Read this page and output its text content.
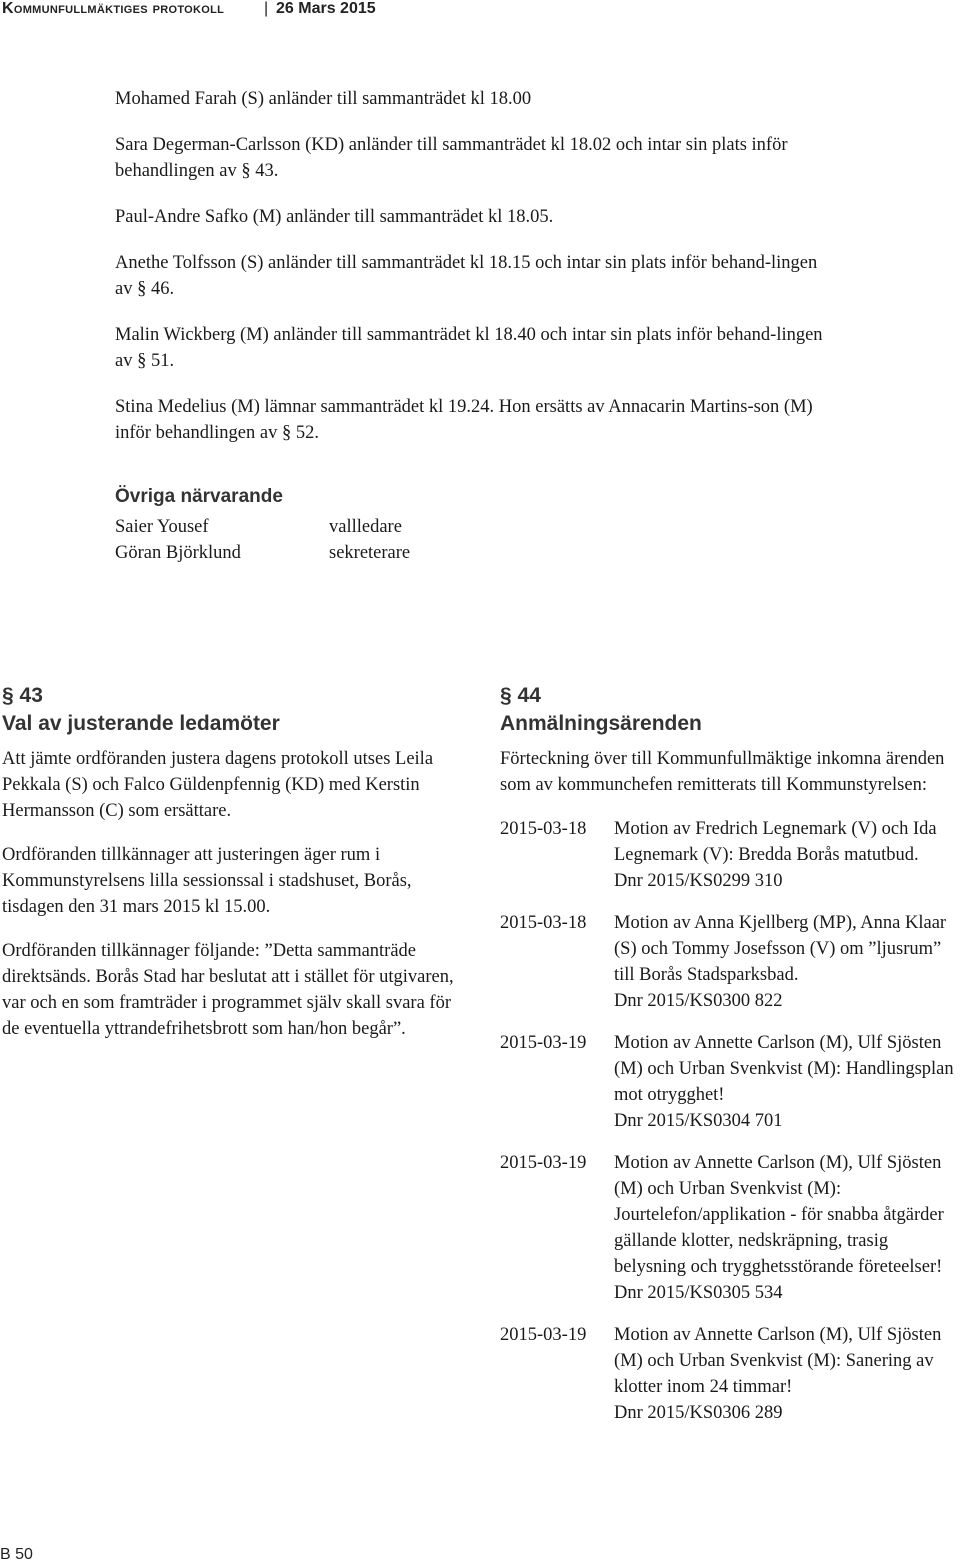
Kommunfullmäktiges protokoll | 26 Mars 2015

Mohamed Farah (S) anländer till sammanträdet kl 18.00

Sara Degerman-Carlsson (KD) anländer till sammanträdet kl 18.02 och intar sin plats inför behandlingen av § 43.

Paul-Andre Safko (M) anländer till sammanträdet kl 18.05.

Anethe Tolfsson (S) anländer till sammanträdet kl 18.15 och intar sin plats inför behand-lingen av § 46.

Malin Wickberg (M) anländer till sammanträdet kl 18.40 och intar sin plats inför behand-lingen av § 51.

Stina Medelius (M) lämnar sammanträdet kl 19.24. Hon ersätts av Annacarin Martins-son (M) inför behandlingen av § 52.

Övriga närvarande
Saier Yousef	vallledare
Göran Björklund	sekreterare
§ 43
Val av justerande ledamöter

Att jämte ordföranden justera dagens protokoll utses Leila Pekkala (S) och Falco Güldenpfennig (KD) med Kerstin Hermansson (C) som ersättare.

Ordföranden tillkännager att justeringen äger rum i Kommunstyrelsens lilla sessionssal i stadshuset, Borås, tisdagen den 31 mars 2015 kl 15.00.

Ordföranden tillkännager följande: ”Detta sammanträde direktsänds. Borås Stad har beslutat att i stället för utgivaren, var och en som framträder i programmet själv skall svara för de eventuella yttrandefrihetsbrott som han/hon begår”.

§ 44
Anmälningsärenden

Förteckning över till Kommunfullmäktige inkomna ärenden som av kommunchefen remitterats till Kommunstyrelsen:

2015-03-18	Motion av Fredrich Legnemark (V) och Ida Legnemark (V): Bredda Borås matutbud.
Dnr 2015/KS0299 310
2015-03-18	Motion av Anna Kjellberg (MP), Anna Klaar (S) och Tommy Josefsson (V) om ”ljusrum” till Borås Stadsparksbad.
Dnr 2015/KS0300 822
2015-03-19	Motion av Annette Carlson (M), Ulf Sjösten (M) och Urban Svenkvist (M): Handlingsplan mot otrygghet!
Dnr 2015/KS0304 701
2015-03-19	Motion av Annette Carlson (M), Ulf Sjösten (M) och Urban Svenkvist (M): Jourtelefon/applikation - för snabba åtgärder gällande klotter, nedskräpning, trasig belysning och trygghetsstörande företeelser!
Dnr 2015/KS0305 534
2015-03-19	Motion av Annette Carlson (M), Ulf Sjösten (M) och Urban Svenkvist (M): Sanering av klotter inom 24 timmar!
Dnr 2015/KS0306 289
B 50
